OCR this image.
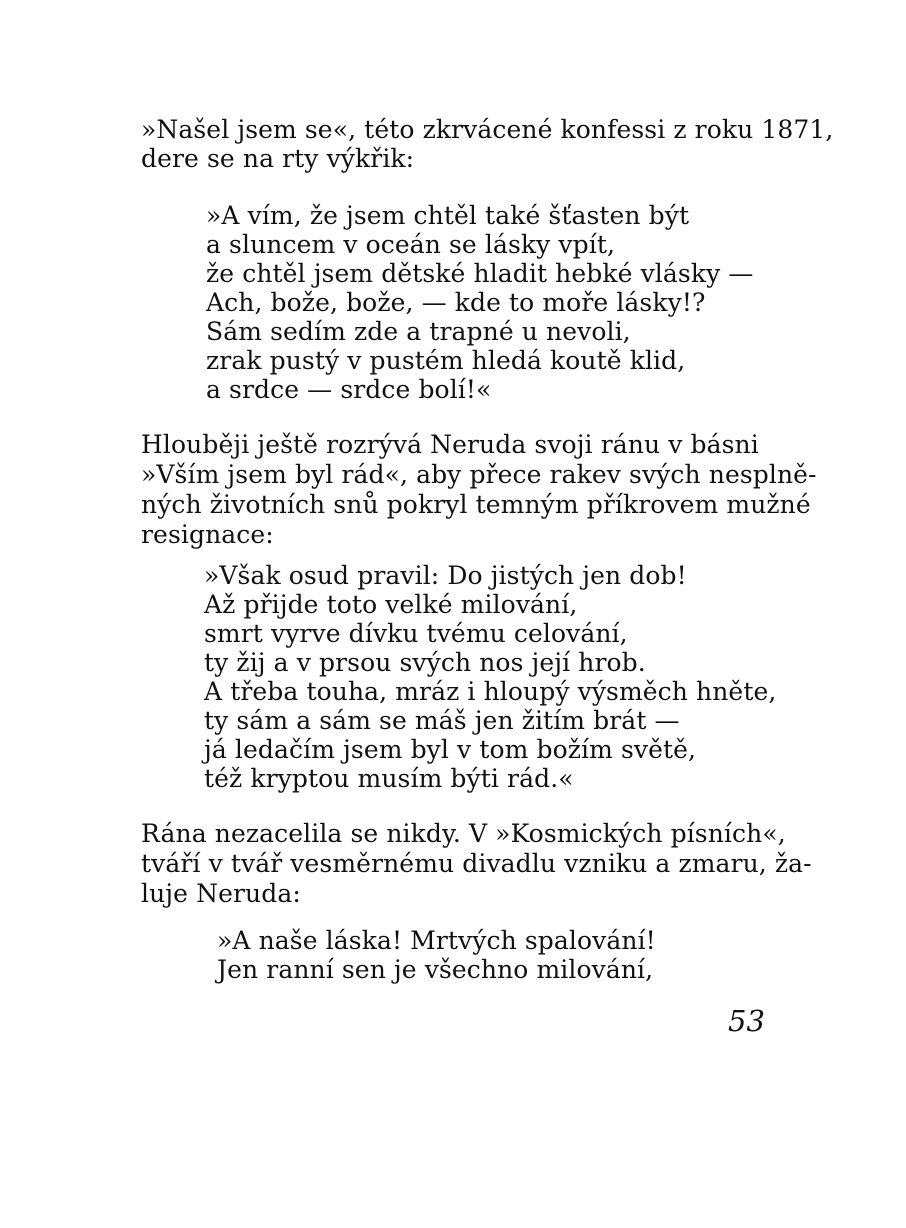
»Našel jsem se«, této zkrvácené konfessi z roku 1871,
dere se na rty výkřik:
»A vím, že jsem chtěl také šťasten být
a sluncem v oceán se lásky vpít,
že chtěl jsem dětské hladit hebké vlásky —
Ach, bože, bože, — kde to moře lásky!?
Sám sedím zde a trapné u nevoli,
zrak pustý v pustém hledá koutě klid,
a srdce — srdce bolí!«
Hlouběji ještě rozrývá Neruda svoji ránu v básni
»Vším jsem byl rád«, aby přece rakev svých nesplně-
ných životních snů pokryl temným příkrovem mužné
resignace:
»Však osud pravil: Do jistých jen dob!
Až přijde toto velké milování,
smrt vyrve dívku tvému celování,
ty žij a v prsou svých nos její hrob.
A třeba touha, mráz i hloupý výsměch hněte,
ty sám a sám se máš jen žitím brát —
já ledačím jsem byl v tom božím světě,
též kryptou musím býti rád.«
Rána nezacelila se nikdy. V »Kosmických písních«,
tváří v tvář vesměrnému divadlu vzniku a zmaru, ža-
luje Neruda:
»A naše láska! Mrtvých spalování!
Jen ranní sen je všechno milování,
53
